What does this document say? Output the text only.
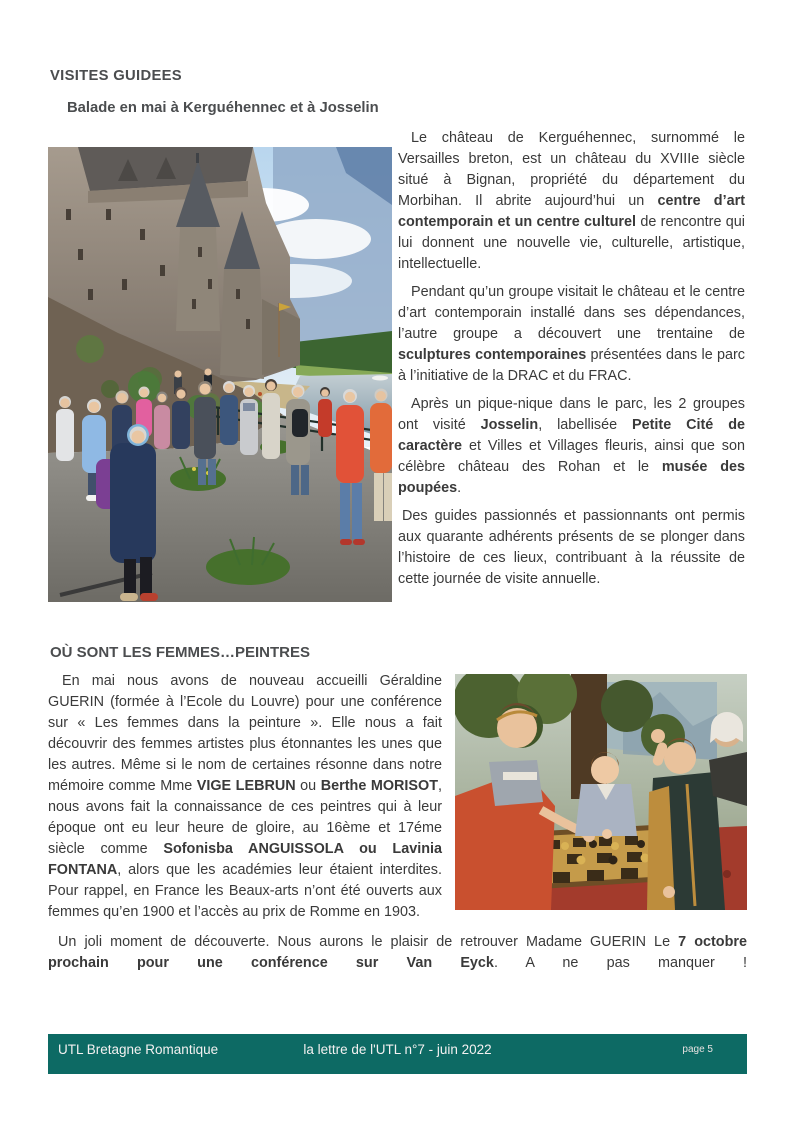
VISITES GUIDEES
Balade en mai à Kerguéhennec et à Josselin

Le château de Kerguéhennec, surnommé le Versailles breton, est un château du XVIIIe siècle situé à Bignan, propriété du département du Morbihan. Il abrite aujourd’hui un centre d’art contemporain et un centre culturel de rencontre qui lui donnent une nouvelle vie, culturelle, artistique, intellectuelle.

Pendant qu’un groupe visitait le château et le centre d’art contemporain installé dans ses dépendances, l’autre groupe a découvert une trentaine de sculptures contemporaines présentées dans le parc à l’initiative de la DRAC et du FRAC.

Après un pique-nique dans le parc, les 2 groupes ont visité Josselin, labellisée Petite Cité de caractère et Villes et Villages fleuris, ainsi que son célèbre château des Rohan et le musée des poupées.

Des guides passionnés et passionnants ont permis aux quarante adhérents présents de se plonger dans l’histoire de ces lieux, contribuant à la réussite de cette journée de visite annuelle.

OÙ SONT LES FEMMES…PEINTRES

En mai nous avons de nouveau accueilli Géraldine GUERIN (formée à l’Ecole du Louvre) pour une conférence sur « Les femmes dans la peinture ». Elle nous a fait découvrir des femmes artistes plus étonnantes les unes que les autres. Même si le nom de certaines résonne dans notre mémoire comme Mme VIGE LEBRUN ou Berthe MORISOT, nous avons fait la connaissance de ces peintres qui à leur époque ont eu leur heure de gloire, au 16ème et 17éme siècle comme Sofonisba ANGUISSOLA ou Lavinia FONTANA, alors que les académies leur étaient interdites. Pour rappel, en France les Beaux-arts n’ont été ouverts aux femmes qu’en 1900 et l’accès au prix de Romme en 1903.

Un joli moment de découverte. Nous aurons le plaisir de retrouver Madame GUERIN Le 7 octobre prochain pour une conférence sur Van Eyck. A ne pas manquer !

UTL Bretagne Romantique	la lettre de l'UTL n°7 - juin 2022	page 5
